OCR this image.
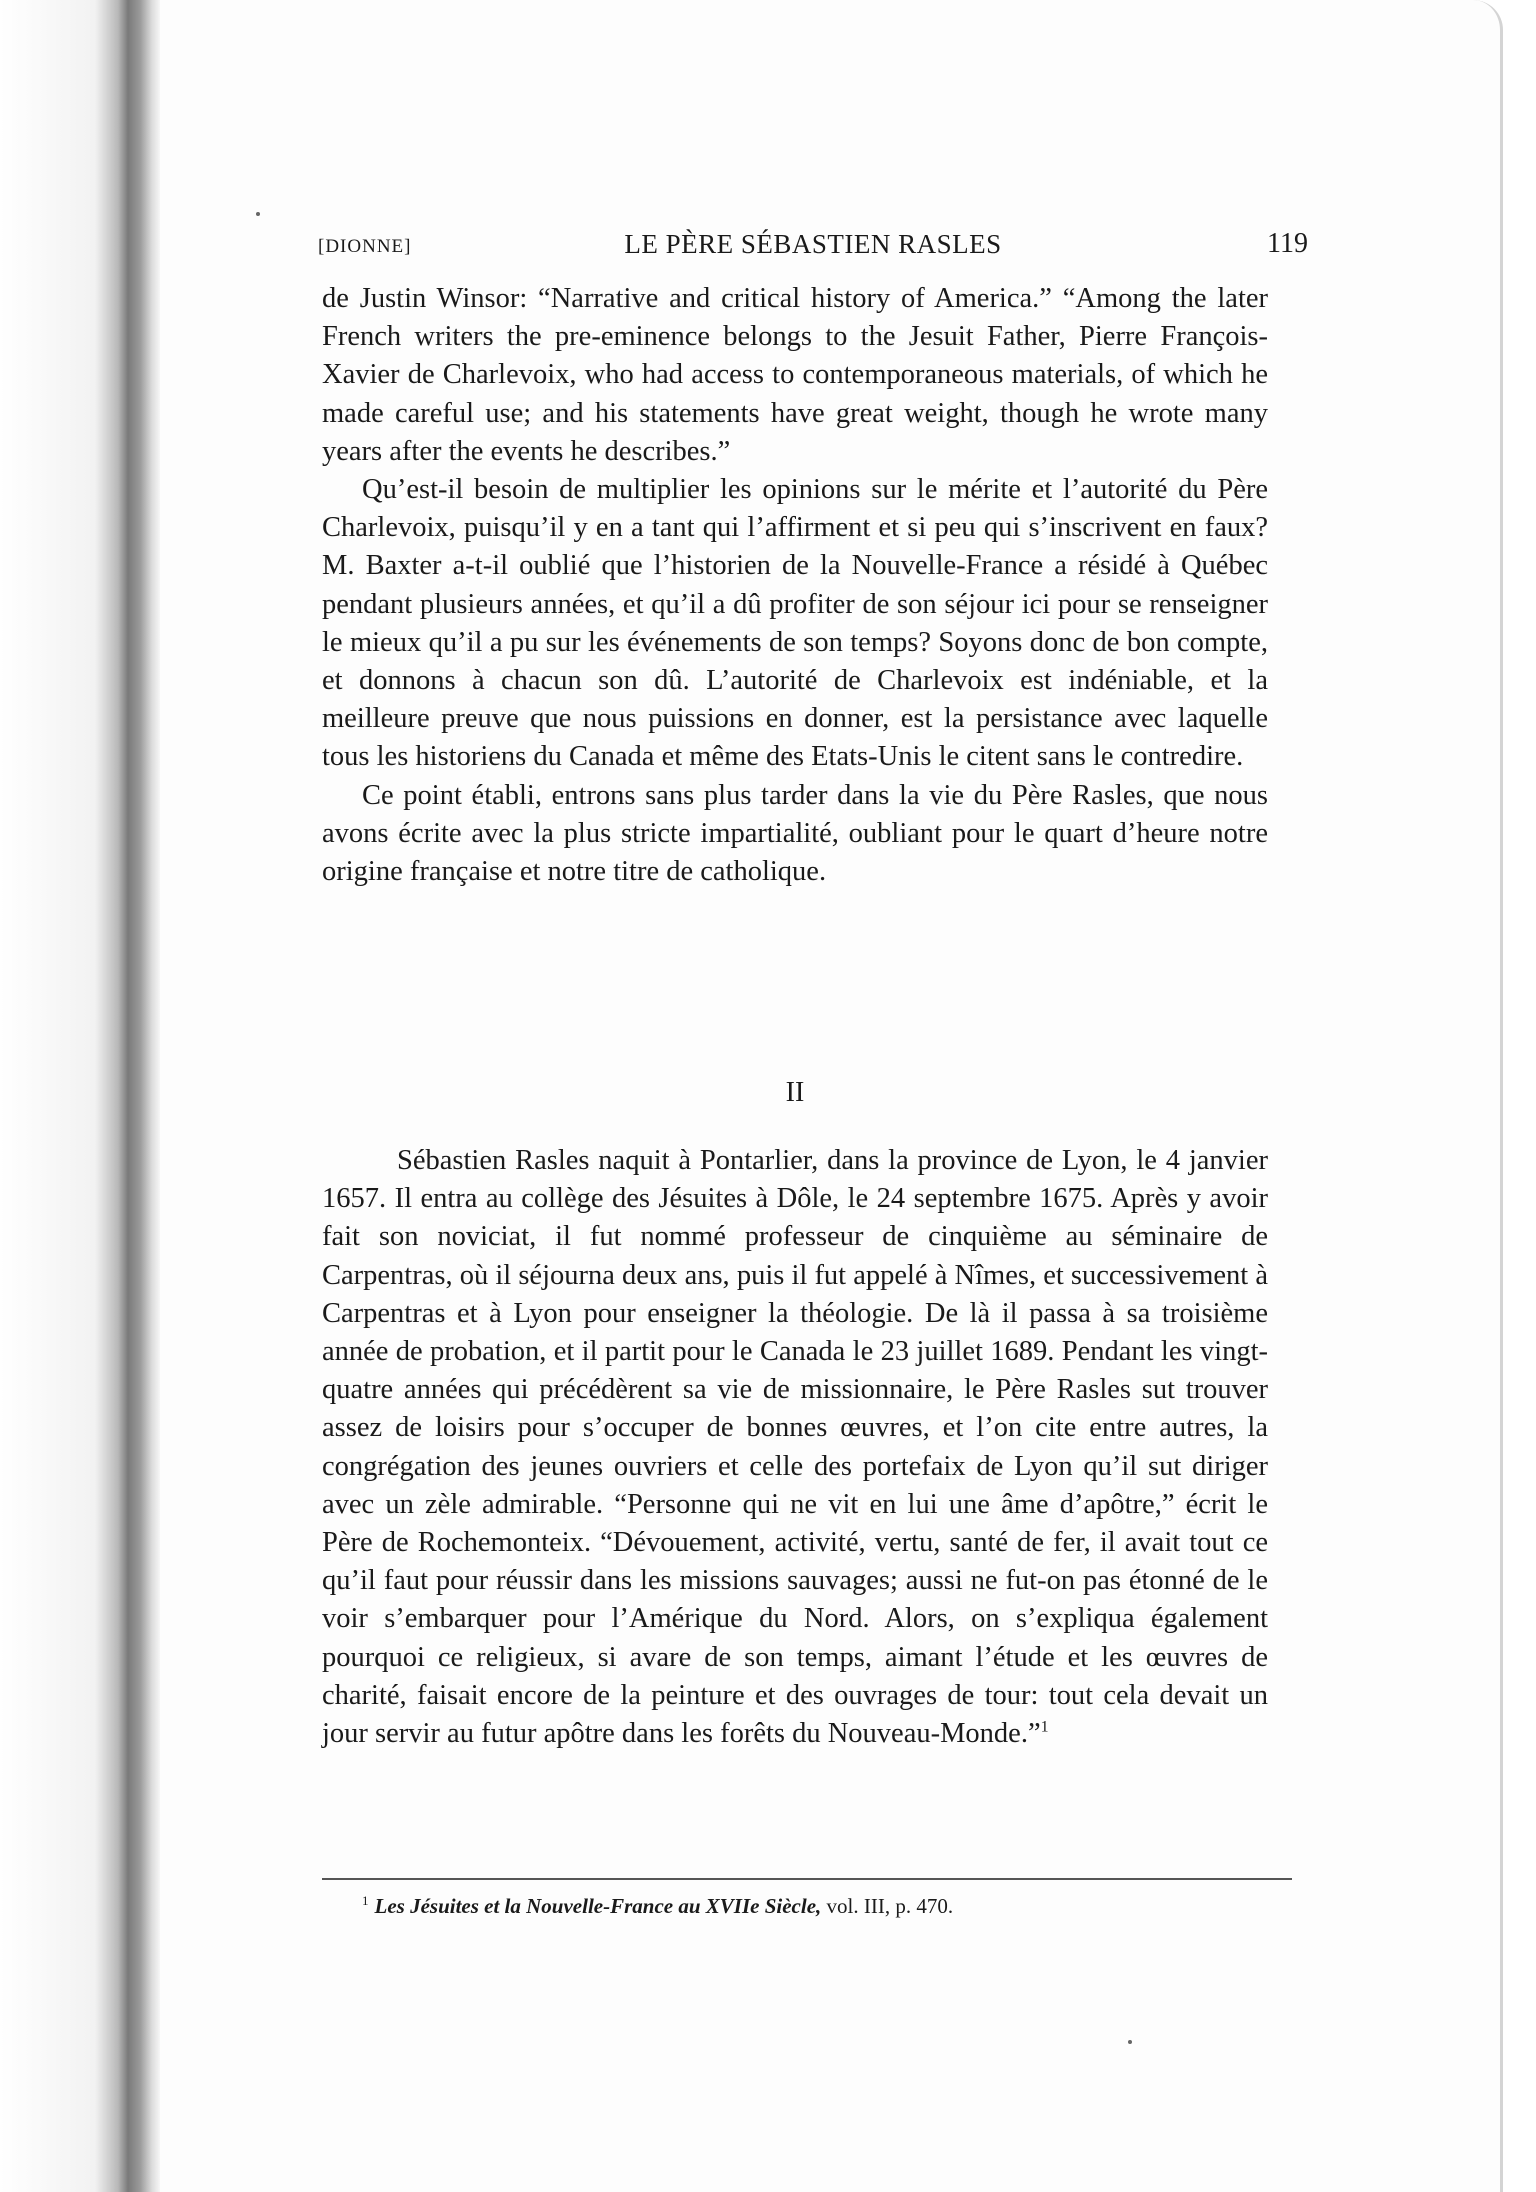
[DIONNE]	LE PÈRE SÉBASTIEN RASLES	119

de Justin Winsor: “Narrative and critical history of America.” “Among the later French writers the pre-eminence belongs to the Jesuit Father, Pierre François-Xavier de Charlevoix, who had access to contemporaneous materials, of which he made careful use; and his statements have great weight, though he wrote many years after the events he describes.”

Qu’est-il besoin de multiplier les opinions sur le mérite et l’autorité du Père Charlevoix, puisqu’il y en a tant qui l’affirment et si peu qui s’inscrivent en faux? M. Baxter a-t-il oublié que l’historien de la Nouvelle-France a résidé à Québec pendant plusieurs années, et qu’il a dû profiter de son séjour ici pour se renseigner le mieux qu’il a pu sur les événements de son temps? Soyons donc de bon compte, et donnons à chacun son dû. L’autorité de Charlevoix est indéniable, et la meilleure preuve que nous puissions en donner, est la persistance avec laquelle tous les historiens du Canada et même des Etats-Unis le citent sans le contredire.

Ce point établi, entrons sans plus tarder dans la vie du Père Rasles, que nous avons écrite avec la plus stricte impartialité, oubliant pour le quart d’heure notre origine française et notre titre de catholique.

II

Sébastien Rasles naquit à Pontarlier, dans la province de Lyon, le 4 janvier 1657. Il entra au collège des Jésuites à Dôle, le 24 septembre 1675. Après y avoir fait son noviciat, il fut nommé professeur de cinquième au séminaire de Carpentras, où il séjourna deux ans, puis il fut appelé à Nîmes, et successivement à Carpentras et à Lyon pour enseigner la théologie. De là il passa à sa troisième année de probation, et il partit pour le Canada le 23 juillet 1689. Pendant les vingt-quatre années qui précédèrent sa vie de missionnaire, le Père Rasles sut trouver assez de loisirs pour s’occuper de bonnes œuvres, et l’on cite entre autres, la congrégation des jeunes ouvriers et celle des portefaix de Lyon qu’il sut diriger avec un zèle admirable. “Personne qui ne vit en lui une âme d’apôtre,” écrit le Père de Rochemonteix. “Dévouement, activité, vertu, santé de fer, il avait tout ce qu’il faut pour réussir dans les missions sauvages; aussi ne fut-on pas étonné de le voir s’embarquer pour l’Amérique du Nord. Alors, on s’expliqua également pourquoi ce religieux, si avare de son temps, aimant l’étude et les œuvres de charité, faisait encore de la peinture et des ouvrages de tour: tout cela devait un jour servir au futur apôtre dans les forêts du Nouveau-Monde.”$^1$

$^1$ Les Jésuites et la Nouvelle-France au XVIIe Siècle, vol. III, p. 470.
